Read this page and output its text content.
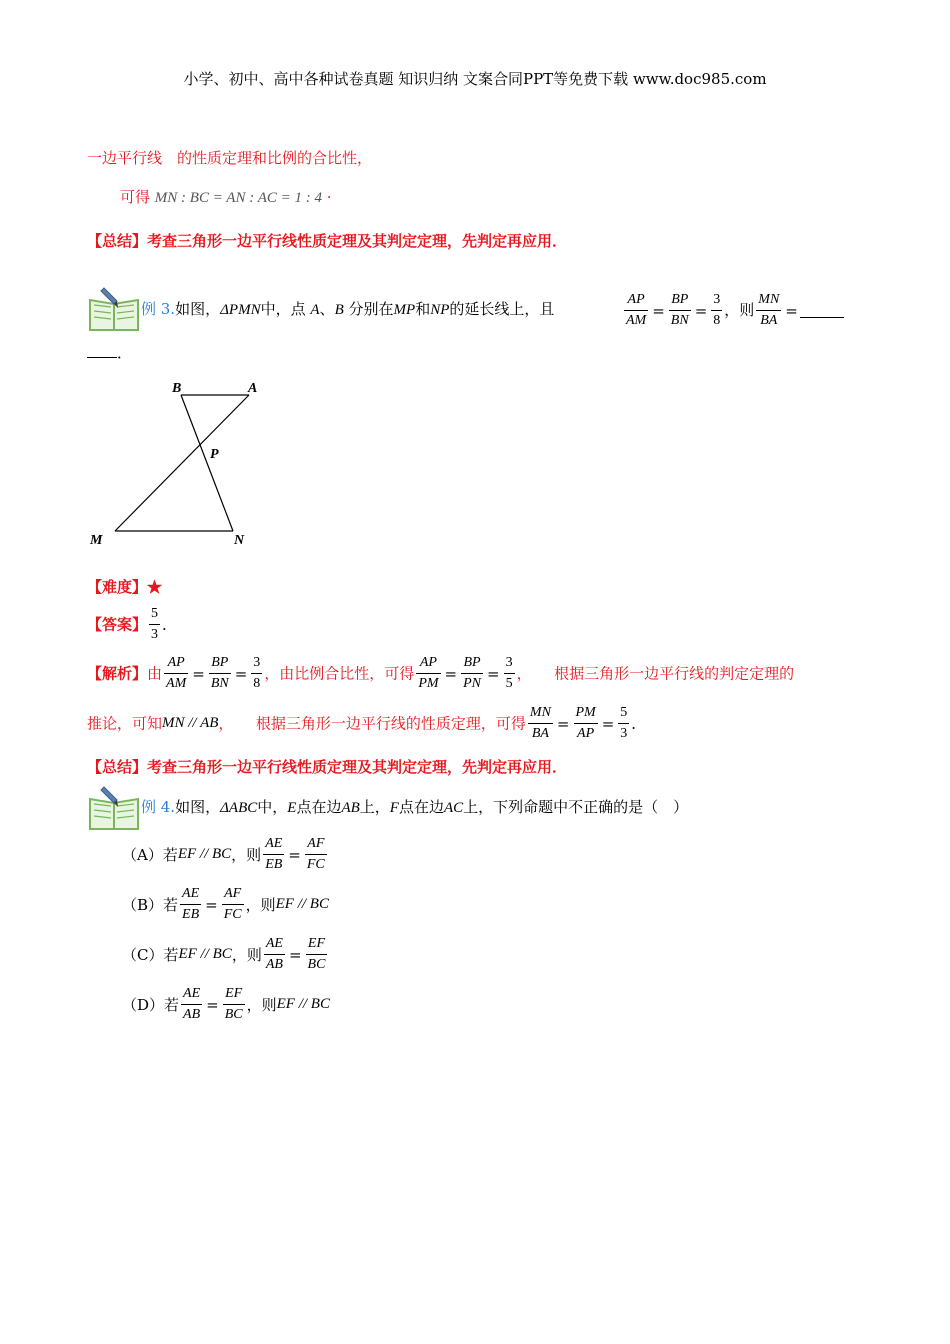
小学、初中、高中各种试卷真题 知识归纳 文案合同PPT等免费下载 www.doc985.com
一边平行线　的性质定理和比例的合比性，
可得 MN : BC = AN : AC = 1 : 4 ·
【总结】考查三角形一边平行线性质定理及其判定定理，先判定再应用．
例 3.如图，ΔPMN中，点 A、B 分别在MP和NP的延长线上，且	$\frac{AP}{AM} = \frac{BP}{BN} = \frac{3}{8}$ ，则 $\frac{MN}{BA}$ =
．
B	A
P
M	N
【难度】★
【答案】 $\frac{5}{3}$ ．
【解析】由 $\frac{AP}{AM} = \frac{BP}{BN} = \frac{3}{8}$ ，由比例合比性，可得 $\frac{AP}{PM} = \frac{BP}{PN} = \frac{3}{5}$ ，　　根据三角形一边平行线的判定定理的
推论，可知MN // AB，　　根据三角形一边平行线的性质定理，可得 $\frac{MN}{BA} = \frac{PM}{AP} = \frac{5}{3}$ ．
【总结】考查三角形一边平行线性质定理及其判定定理，先判定再应用．
例 4.如图，ΔABC中，E点在边AB上，F点在边AC上，下列命题中不正确的是（　）
（A）若EF // BC，则 $\frac{AE}{EB} = \frac{AF}{FC}$
（B）若 $\frac{AE}{EB} = \frac{AF}{FC}$ ，则EF // BC
（C）若EF // BC，则 $\frac{AE}{AB} = \frac{EF}{BC}$
（D）若 $\frac{AE}{AB} = \frac{EF}{BC}$ ，则EF // BC
